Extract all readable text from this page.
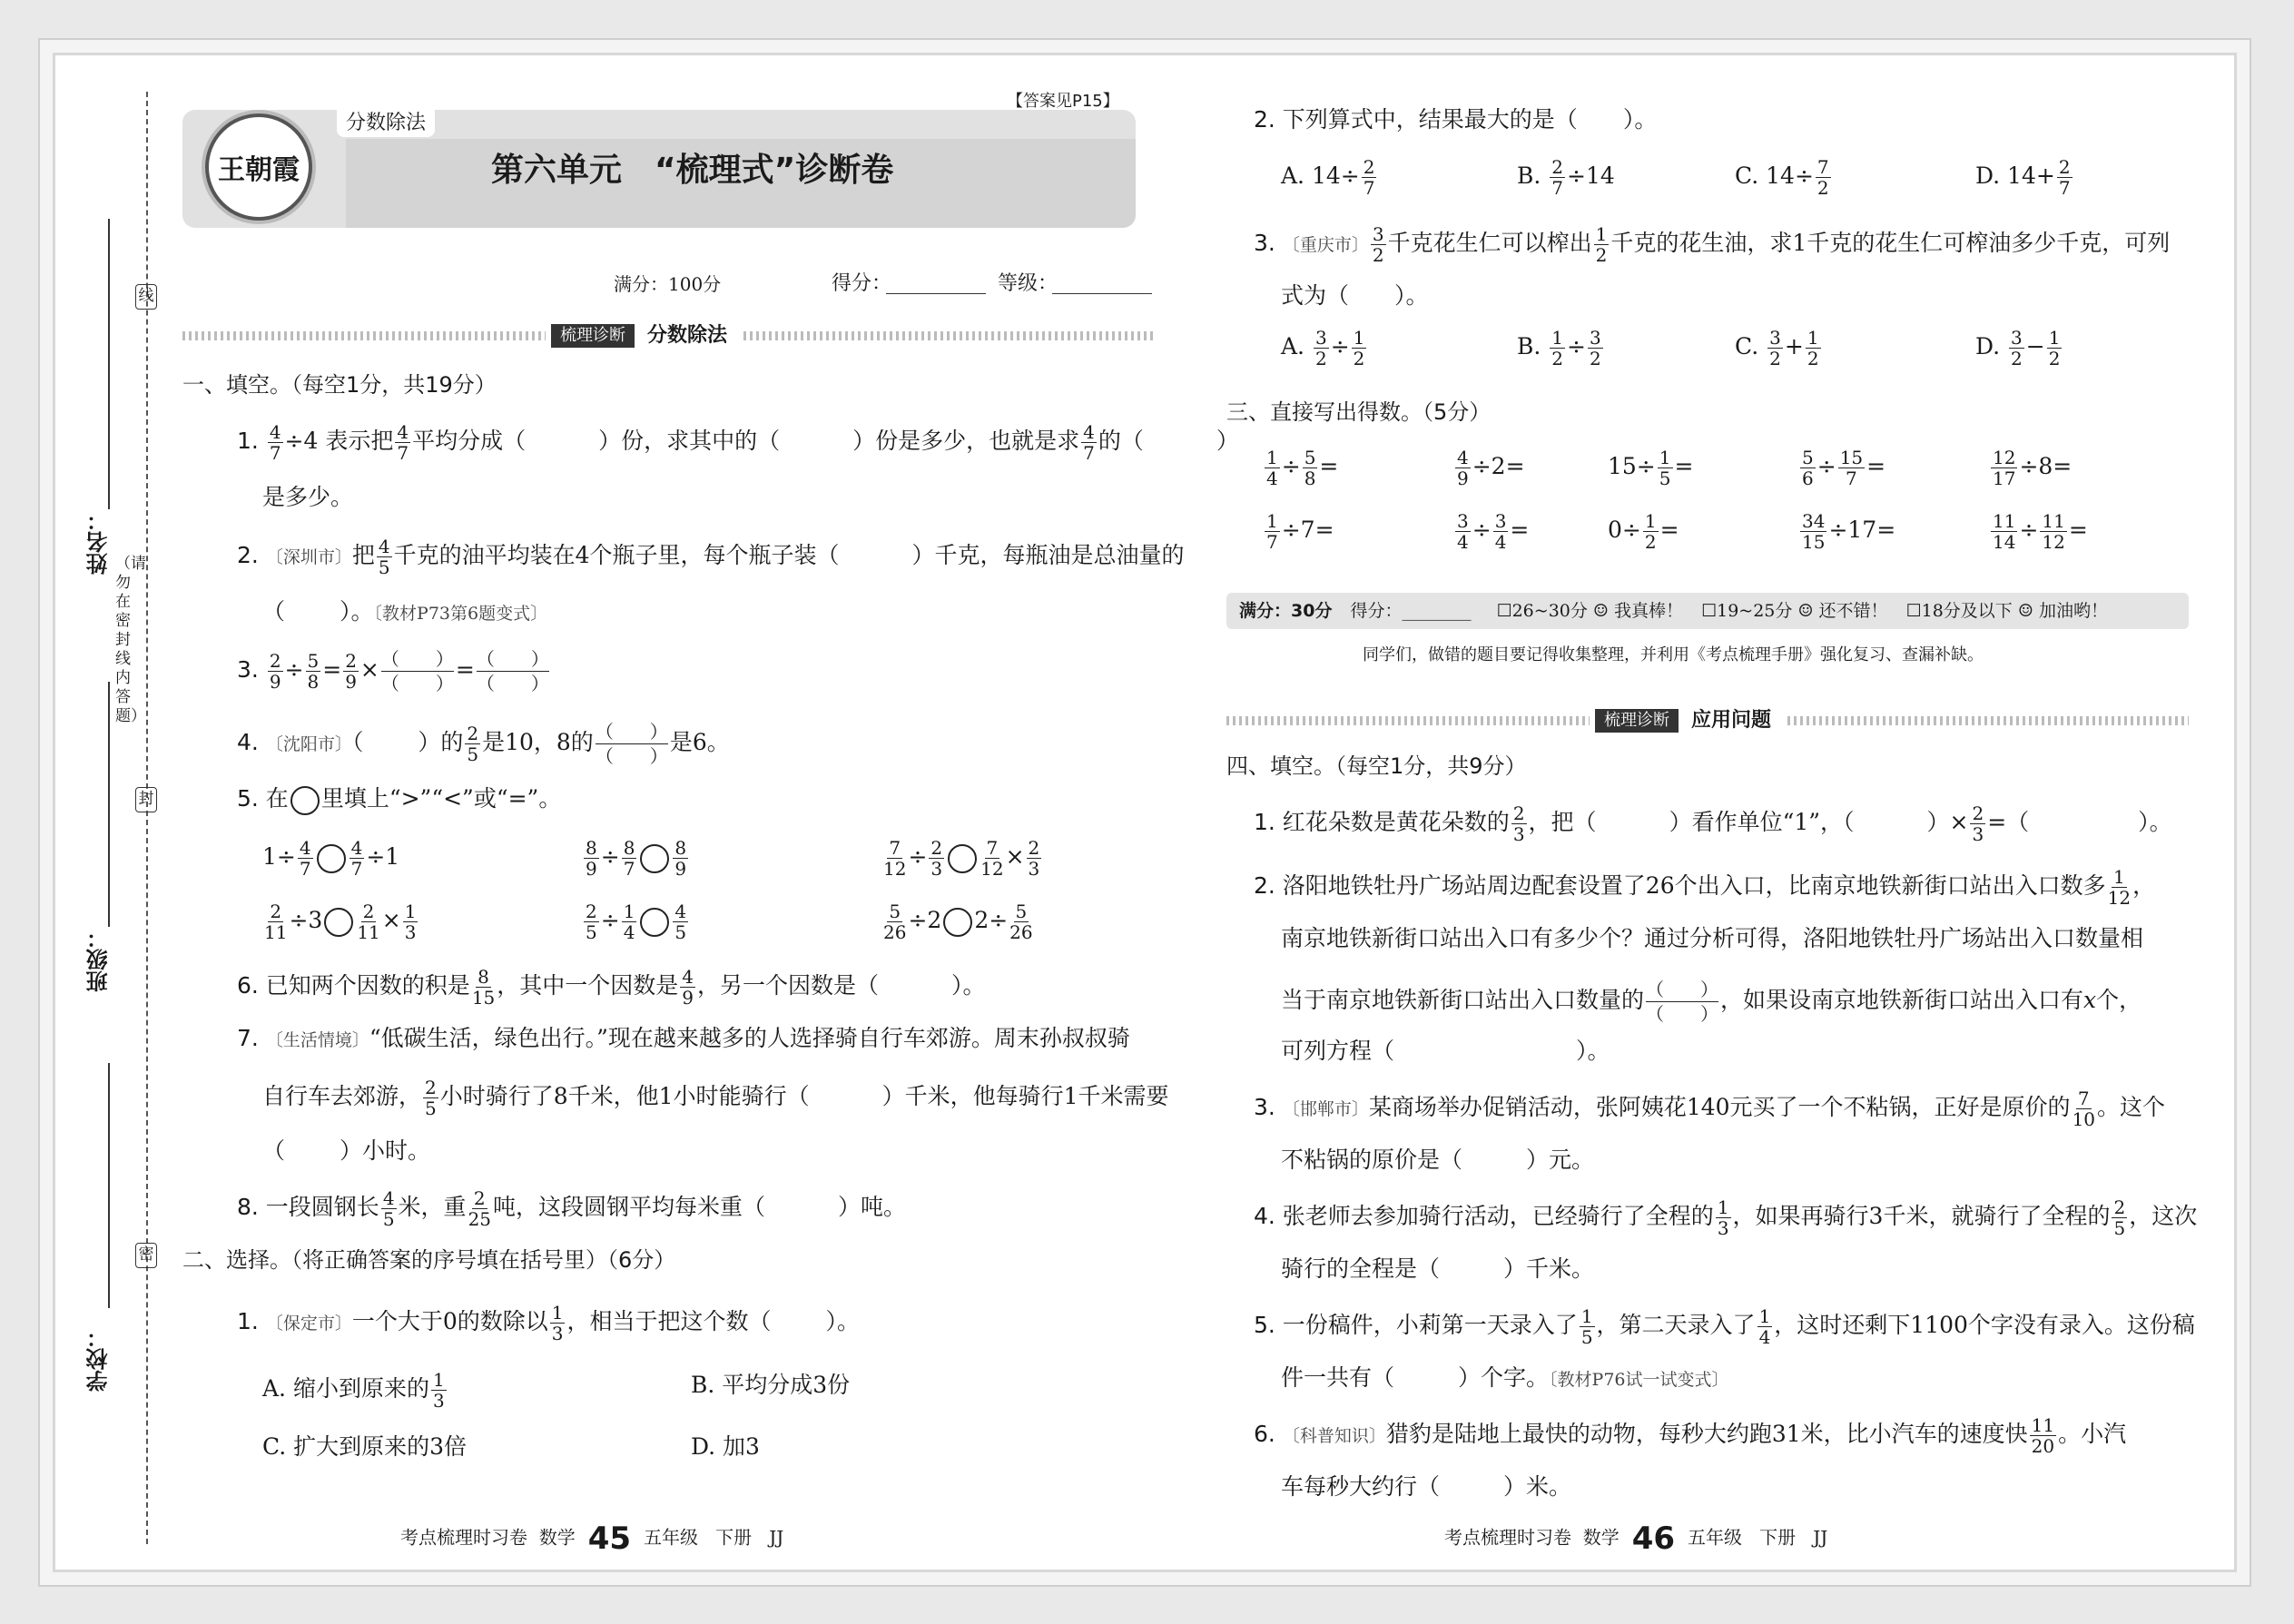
姓名：
班级：
学校：
线
封
密
（请勿在密封线内答题）
王朝霞
分数除法
【答案见P15】
第六单元　“梳理式”诊断卷
满分：100分	得分：	等级：
梳理诊断	分数除法
一、填空。（每空1分，共19分）
1. $\frac{4}{7} \div 4$ 表示把 $\frac{4}{7}$ 平均分成（	）份，求其中的（	）份是多少，也就是求 $\frac{4}{7}$ 的（	）
是多少。
2. 〔深圳市〕把 $\frac{4}{5}$ 千克的油平均装在4个瓶子里，每个瓶子装（	）千克，每瓶油是总油量的
（ ）。〔教材P73第6题变式〕
3. $\frac{2}{9} \div \frac{5}{8} = \frac{2}{9}$ × （　　）
（　　）
= （　　）
（　　）
4. 〔沈阳市〕（ ）的 $\frac{2}{5}$ 是10，8的 （　　）
（　　）
是6。
5. 在 里填上“>”“<”或“=”。
$1\div \frac{4}{7} \frac{4}{7} \div 1$	$\frac{8}{9} \div \frac{8}{7} \frac{8}{9}$	$\frac{7}{12} \div \frac{2}{3} \frac{7}{12} \times \frac{2}{3}$
$\frac{2}{11} \div 3 \frac{2}{11} \times \frac{1}{3}$	$\frac{2}{5} \div \frac{1}{4} \frac{4}{5}$	$\frac{5}{26} \div 2$ $2\div \frac{5}{26}$
6. 已知两个因数的积是 $\frac{8}{15}$ ，其中一个因数是 $\frac{4}{9}$ ，另一个因数是（	）。
7. 〔生活情境〕“低碳生活，绿色出行。”现在越来越多的人选择骑自行车郊游。周末孙叔叔骑
自行车去郊游， $\frac{2}{5}$ 小时骑行了8千米，他1小时能骑行（	）千米，他每骑行1千米需要
（ ）小时。
8. 一段圆钢长 $\frac{4}{5}$ 米，重 $\frac{2}{25}$ 吨，这段圆钢平均每米重（	）吨。
二、选择。（将正确答案的序号填在括号里）（6分）
1. 〔保定市〕一个大于0的数除以 $\frac{1}{3}$ ，相当于把这个数（ ）。
A. 缩小到原来的 $\frac{1}{3}$	B. 平均分成3份
C. 扩大到原来的3倍	D. 加3
考点梳理时习卷 数学 45 五年级 下册 JJ
2. 下列算式中，结果最大的是（ ）。
A. $14\div \frac{2}{7}$	B. $\frac{2}{7} \div 14$	C. $14\div \frac{7}{2}$	D. $14+ \frac{2}{7}$
3. 〔重庆市〕 $\frac{3}{2}$ 千克花生仁可以榨出 $\frac{1}{2}$ 千克的花生油，求1千克的花生仁可榨油多少千克，可列
式为（ ）。
A. $\frac{3}{2} \div \frac{1}{2}$	B. $\frac{1}{2} \div \frac{3}{2}$	C. $\frac{3}{2} + \frac{1}{2}$	D. $\frac{3}{2} - \frac{1}{2}$
三、直接写出得数。（5分）
$\frac{1}{4} \div \frac{5}{8}$ =	$\frac{4}{9} \div 2=$	$15\div \frac{1}{5}$ =	$\frac{5}{6} \div \frac{15}{7}$ =	$\frac{12}{17} \div 8=$
$\frac{1}{7} \div 7=$	$\frac{3}{4} \div \frac{3}{4}$ =	$0\div \frac{1}{2}$ =	$\frac{34}{15} \div 17=$	$\frac{11}{14} \div \frac{11}{12}$ =
满分：30分 得分：________ ☐26~30分 ☺ 我真棒！ ☐19~25分 ☺ 还不错！ ☐18分及以下 ☺ 加油哟！
同学们，做错的题目要记得收集整理，并利用《考点梳理手册》强化复习、查漏补缺。
梳理诊断	应用问题
四、填空。（每空1分，共9分）
1. 红花朵数是黄花朵数的 $\frac{2}{3}$ ，把（	）看作单位“1”，（	）× $\frac{2}{3}$ =（	）。
2. 洛阳地铁牡丹广场站周边配套设置了26个出入口，比南京地铁新街口站出入口数多 $\frac{1}{12}$ ，
南京地铁新街口站出入口有多少个？通过分析可得，洛阳地铁牡丹广场站出入口数量相
当于南京地铁新街口站出入口数量的 （　　）
（　　）
，如果设南京地铁新街口站出入口有x个，
可列方程（	）。
3. 〔邯郸市〕某商场举办促销活动，张阿姨花140元买了一个不粘锅，正好是原价的 $\frac{7}{10}$ 。这个
不粘锅的原价是（	）元。
4. 张老师去参加骑行活动，已经骑行了全程的 $\frac{1}{3}$ ，如果再骑行3千米，就骑行了全程的 $\frac{2}{5}$ ，这次
骑行的全程是（	）千米。
5. 一份稿件，小莉第一天录入了 $\frac{1}{5}$ ，第二天录入了 $\frac{1}{4}$ ，这时还剩下1100个字没有录入。这份稿
件一共有（	）个字。〔教材P76试一试变式〕
6. 〔科普知识〕猎豹是陆地上最快的动物，每秒大约跑31米，比小汽车的速度快 $\frac{11}{20}$ 。小汽
车每秒大约行（	）米。
考点梳理时习卷 数学 46 五年级 下册 JJ
